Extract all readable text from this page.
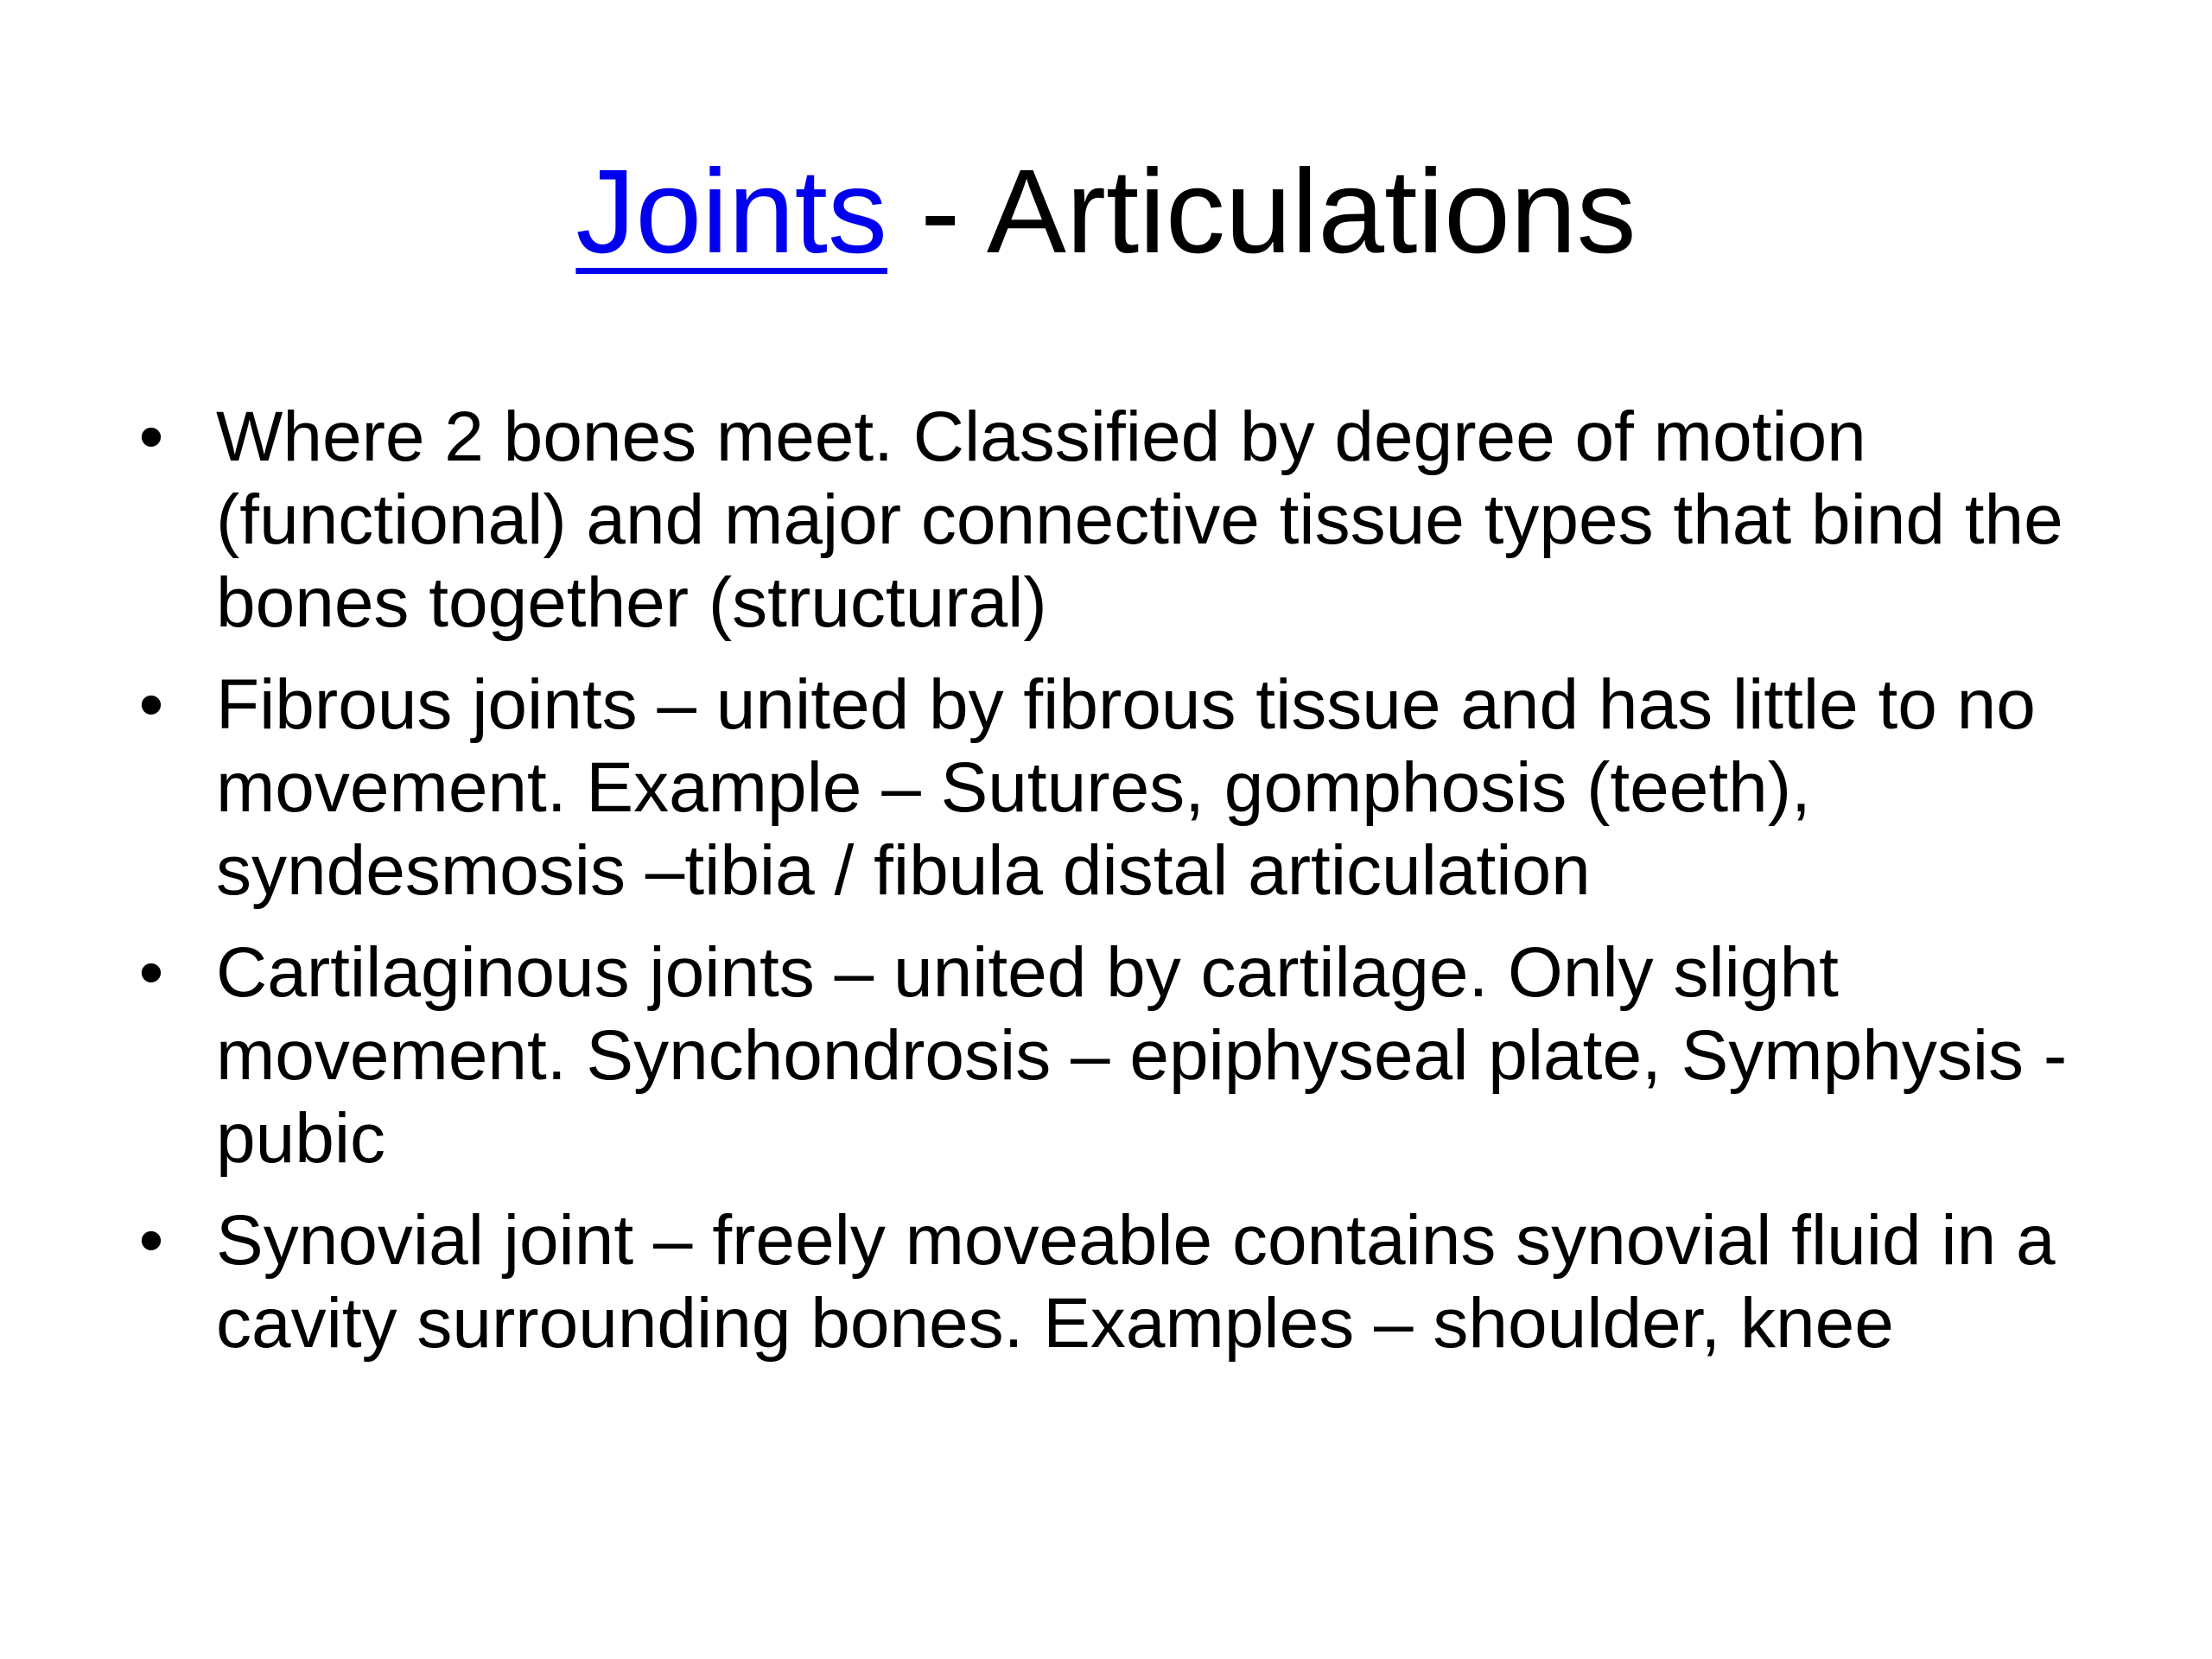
Joints - Articulations
• Where 2 bones meet. Classified by degree of motion (functional) and major connective tissue types that bind the bones together (structural)
• Fibrous joints – united by fibrous tissue and has little to no movement. Example – Sutures, gomphosis (teeth), syndesmosis –tibia / fibula distal articulation
• Cartilaginous joints – united by cartilage. Only slight movement. Synchondrosis – epiphyseal plate, Symphysis - pubic
• Synovial joint – freely moveable contains synovial fluid in a cavity surrounding bones. Examples – shoulder, knee
